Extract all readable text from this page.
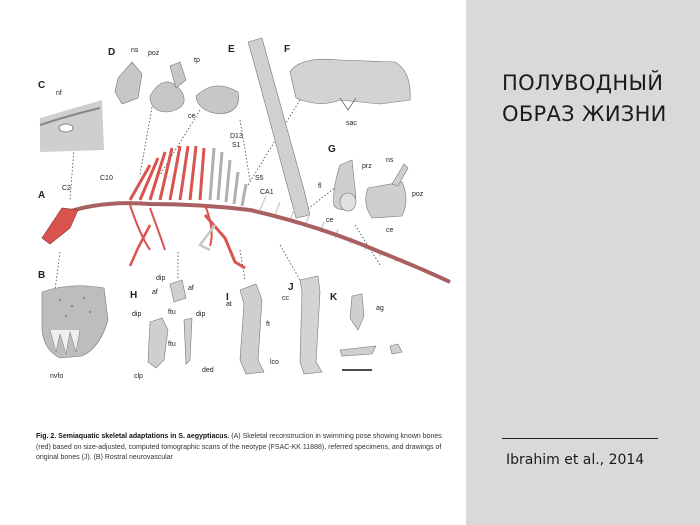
C
nf
D ns poz
tp
ce
E
fl
F
sac
A
C2
C10
D13
S1
S5
CA1
G
prz
ns
poz
ce
ce
B
nvfo
H
dip
af
af
ftu
dip	dip
ftu
clp
ded
I
at
ft
lco
J
cc	K
ag
Fig. 2. Semiaquatic skeletal adaptations in S. aegyptiacus. (A) Skeletal reconstruction in swimming pose showing known bones (red) based on size-adjusted, computed tomographic scans of the neotype (FSAC-KK 11888), referred specimens, and drawings of original bones (J). (B) Rostral neurovascular
ПОЛУВОДНЫЙ ОБРАЗ ЖИЗНИ
Ibrahim et al., 2014
